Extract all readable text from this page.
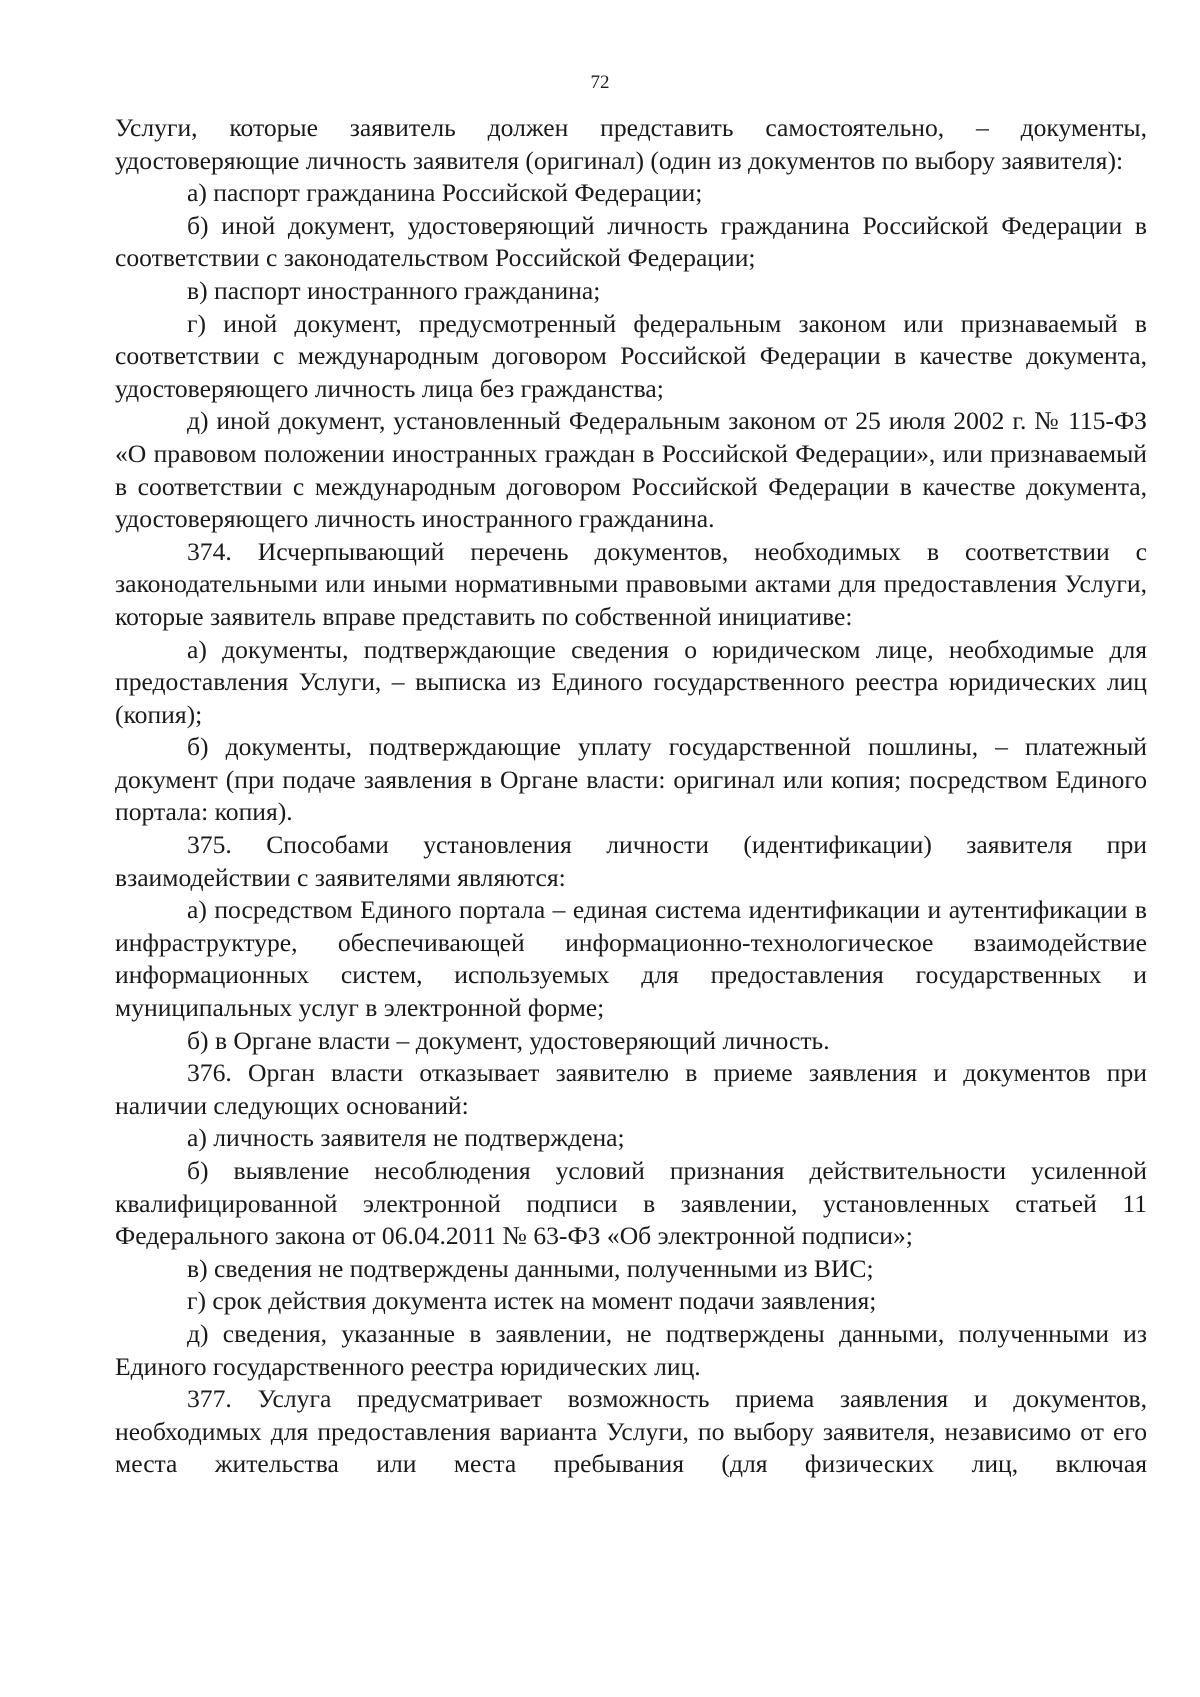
72

Услуги, которые заявитель должен представить самостоятельно, – документы, удостоверяющие личность заявителя (оригинал) (один из документов по выбору заявителя):

а) паспорт гражданина Российской Федерации;

б) иной документ, удостоверяющий личность гражданина Российской Федерации в соответствии с законодательством Российской Федерации;

в) паспорт иностранного гражданина;

г) иной документ, предусмотренный федеральным законом или признаваемый в соответствии с международным договором Российской Федерации в качестве документа, удостоверяющего личность лица без гражданства;

д) иной документ, установленный Федеральным законом от 25 июля 2002 г. № 115-ФЗ «О правовом положении иностранных граждан в Российской Федерации», или признаваемый в соответствии с международным договором Российской Федерации в качестве документа, удостоверяющего личность иностранного гражданина.

374. Исчерпывающий перечень документов, необходимых в соответствии с законодательными или иными нормативными правовыми актами для предоставления Услуги, которые заявитель вправе представить по собственной инициативе:

а) документы, подтверждающие сведения о юридическом лице, необходимые для предоставления Услуги, – выписка из Единого государственного реестра юридических лиц (копия);

б) документы, подтверждающие уплату государственной пошлины, – платежный документ (при подаче заявления в Органе власти: оригинал или копия; посредством Единого портала: копия).

375. Способами установления личности (идентификации) заявителя при взаимодействии с заявителями являются:

а) посредством Единого портала – единая система идентификации и аутентификации в инфраструктуре, обеспечивающей информационно-технологическое взаимодействие информационных систем, используемых для предоставления государственных и муниципальных услуг в электронной форме;

б) в Органе власти – документ, удостоверяющий личность.

376. Орган власти отказывает заявителю в приеме заявления и документов при наличии следующих оснований:

а) личность заявителя не подтверждена;

б) выявление несоблюдения условий признания действительности усиленной квалифицированной электронной подписи в заявлении, установленных статьей 11 Федерального закона от 06.04.2011 № 63-ФЗ «Об электронной подписи»;

в) сведения не подтверждены данными, полученными из ВИС;

г) срок действия документа истек на момент подачи заявления;

д) сведения, указанные в заявлении, не подтверждены данными, полученными из Единого государственного реестра юридических лиц.

377. Услуга предусматривает возможность приема заявления и документов, необходимых для предоставления варианта Услуги, по выбору заявителя, независимо от его места жительства или места пребывания (для физических лиц, включая
